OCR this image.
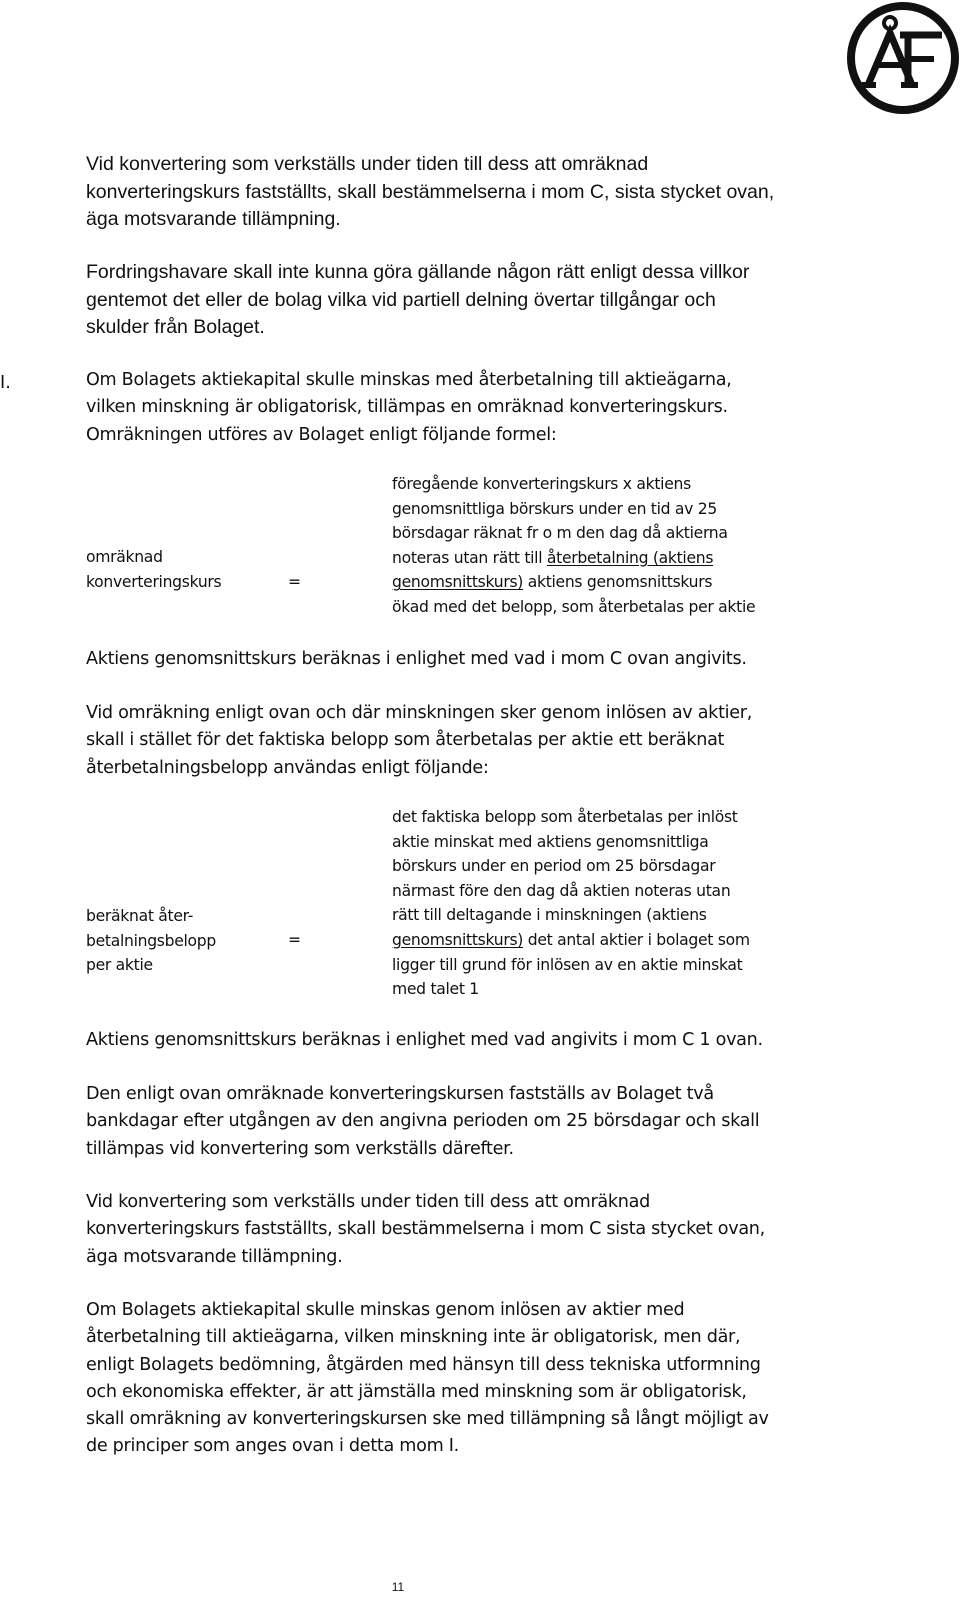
Vid konvertering som verkställs under tiden till dess att omräknad
konverteringskurs fastställts, skall bestämmelserna i mom C, sista stycket ovan,
äga motsvarande tillämpning.
Fordringshavare skall inte kunna göra gällande någon rätt enligt dessa villkor
gentemot det eller de bolag vilka vid partiell delning övertar tillgångar och
skulder från Bolaget.
I.	Om Bolagets aktiekapital skulle minskas med återbetalning till aktieägarna,
vilken minskning är obligatorisk, tillämpas en omräknad konverteringskurs.
Omräkningen utföres av Bolaget enligt följande formel:
omräknad
konverteringskurs	=
föregående konverteringskurs x aktiens
genomsnittliga börskurs under en tid av 25
börsdagar räknat fr o m den dag då aktierna
noteras utan rätt till återbetalning (aktiens
genomsnittskurs) aktiens genomsnittskurs
ökad med det belopp, som återbetalas per aktie
Aktiens genomsnittskurs beräknas i enlighet med vad i mom C ovan angivits.
Vid omräkning enligt ovan och där minskningen sker genom inlösen av aktier,
skall i stället för det faktiska belopp som återbetalas per aktie ett beräknat
återbetalningsbelopp användas enligt följande:
beräknat åter-
betalningsbelopp
per aktie
=
det faktiska belopp som återbetalas per inlöst
aktie minskat med aktiens genomsnittliga
börskurs under en period om 25 börsdagar
närmast före den dag då aktien noteras utan
rätt till deltagande i minskningen (aktiens
genomsnittskurs) det antal aktier i bolaget som
ligger till grund för inlösen av en aktie minskat
med talet 1
Aktiens genomsnittskurs beräknas i enlighet med vad angivits i mom C 1 ovan.
Den enligt ovan omräknade konverteringskursen fastställs av Bolaget två
bankdagar efter utgången av den angivna perioden om 25 börsdagar och skall
tillämpas vid konvertering som verkställs därefter.
Vid konvertering som verkställs under tiden till dess att omräknad
konverteringskurs fastställts, skall bestämmelserna i mom C sista stycket ovan,
äga motsvarande tillämpning.
Om Bolagets aktiekapital skulle minskas genom inlösen av aktier med
återbetalning till aktieägarna, vilken minskning inte är obligatorisk, men där,
enligt Bolagets bedömning, åtgärden med hänsyn till dess tekniska utformning
och ekonomiska effekter, är att jämställa med minskning som är obligatorisk,
skall omräkning av konverteringskursen ske med tillämpning så långt möjligt av
de principer som anges ovan i detta mom I.
11
